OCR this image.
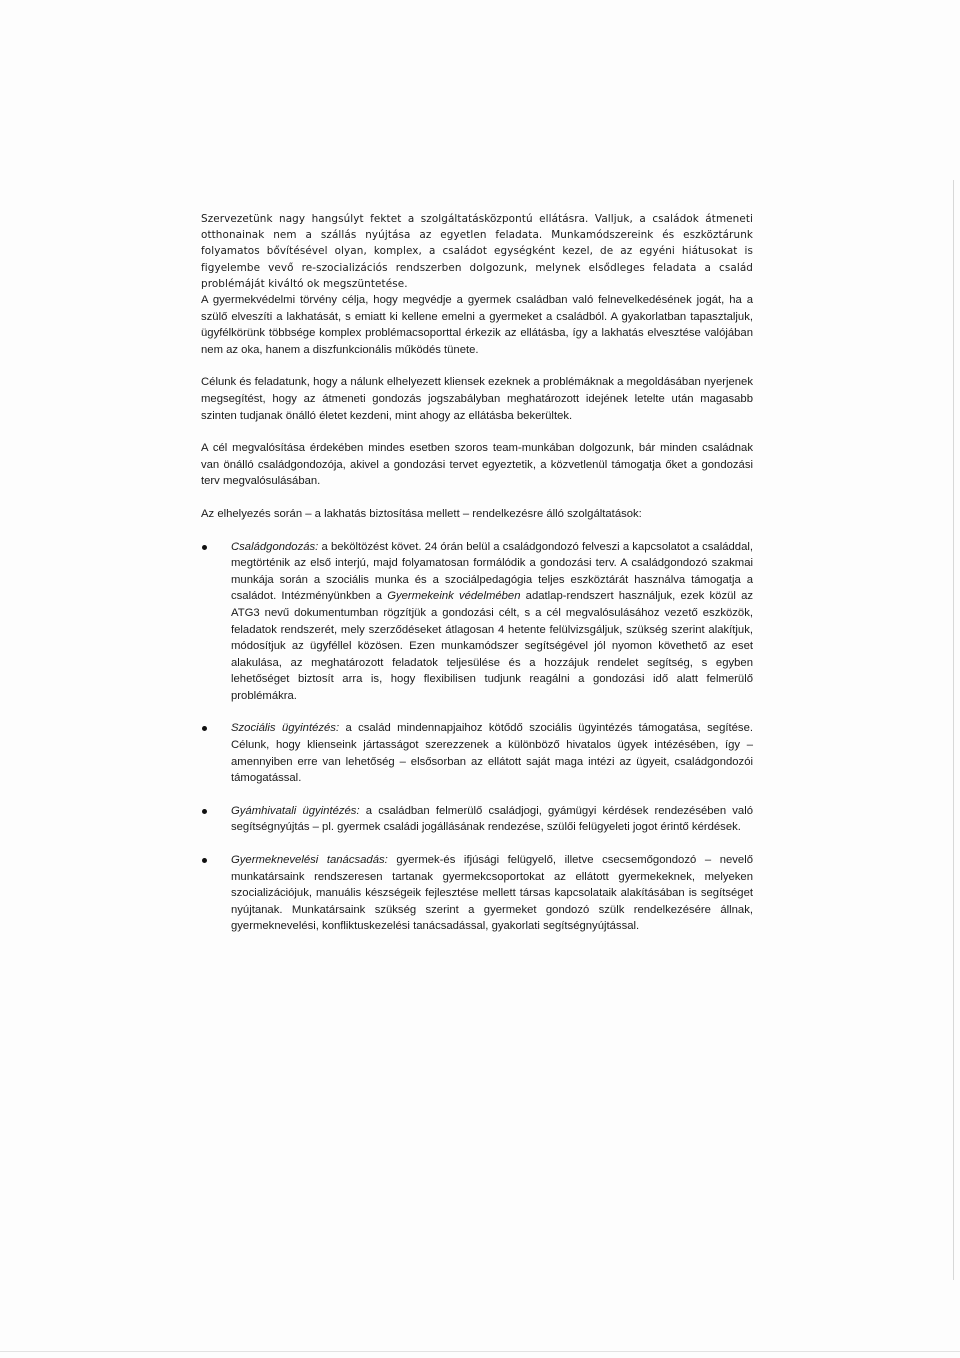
Szervezetünk nagy hangsúlyt fektet a szolgáltatásközpontú ellátásra. Valljuk, a családok átmeneti otthonainak nem a szállás nyújtása az egyetlen feladata. Munkamódszereink és eszköztárunk folyamatos bővítésével olyan, komplex, a családot egységként kezel, de az egyéni hiátusokat is figyelembe vevő re-szocializációs rendszerben dolgozunk, melynek elsődleges feladata a család problémáját kiváltó ok megszüntetése.

A gyermekvédelmi törvény célja, hogy megvédje a gyermek családban való felnevelkedésének jogát, ha a szülő elveszíti a lakhatását, s emiatt ki kellene emelni a gyermeket a családból. A gyakorlatban tapasztaljuk, ügyfélkörünk többsége komplex problémacsoporttal érkezik az ellátásba, így a lakhatás elvesztése valójában nem az oka, hanem a diszfunkcionális működés tünete.

Célunk és feladatunk, hogy a nálunk elhelyezett kliensek ezeknek a problémáknak a megoldásában nyerjenek megsegítést, hogy az átmeneti gondozás jogszabályban meghatározott idejének letelte után magasabb szinten tudjanak önálló életet kezdeni, mint ahogy az ellátásba bekerültek.

A cél megvalósítása érdekében mindes esetben szoros team-munkában dolgozunk, bár minden családnak van önálló családgondozója, akivel a gondozási tervet egyeztetik, a közvetlenül támogatja őket a gondozási terv megvalósulásában.

Az elhelyezés során – a lakhatás biztosítása mellett – rendelkezésre álló szolgáltatások:

Családgondozás: a beköltözést követ. 24 órán belül a családgondozó felveszi a kapcsolatot a családdal, megtörténik az első interjú, majd folyamatosan formálódik a gondozási terv. A családgondozó szakmai munkája során a szociális munka és a szociálpedagógia teljes eszköztárát használva támogatja a családot. Intézményünkben a Gyermekeink védelmében adatlap-rendszert használjuk, ezek közül az ATG3 nevű dokumentumban rögzítjük a gondozási célt, s a cél megvalósulásához vezető eszközök, feladatok rendszerét, mely szerződéseket átlagosan 4 hetente felülvizsgáljuk, szükség szerint alakítjuk, módosítjuk az ügyféllel közösen. Ezen munkamódszer segítségével jól nyomon követhető az eset alakulása, az meghatározott feladatok teljesülése és a hozzájuk rendelet segítség, s egyben lehetőséget biztosít arra is, hogy flexibilisen tudjunk reagálni a gondozási idő alatt felmerülő problémákra.
Szociális ügyintézés: a család mindennapjaihoz kötődő szociális ügyintézés támogatása, segítése. Célunk, hogy klienseink jártasságot szerezzenek a különböző hivatalos ügyek intézésében, így – amennyiben erre van lehetőség – elsősorban az ellátott saját maga intézi az ügyeit, családgondozói támogatással.
Gyámhivatali ügyintézés: a családban felmerülő családjogi, gyámügyi kérdések rendezésében való segítségnyújtás – pl. gyermek családi jogállásának rendezése, szülői felügyeleti jogot érintő kérdések.
Gyermeknevelési tanácsadás: gyermek-és ifjúsági felügyelő, illetve csecsemőgondozó – nevelő munkatársaink rendszeresen tartanak gyermekcsoportokat az ellátott gyermekeknek, melyeken szocializációjuk, manuális készségeik fejlesztése mellett társas kapcsolataik alakításában is segítséget nyújtanak. Munkatársaink szükség szerint a gyermeket gondozó szülk rendelkezésére állnak, gyermeknevelési, konfliktuskezelési tanácsadással, gyakorlati segítségnyújtással.
